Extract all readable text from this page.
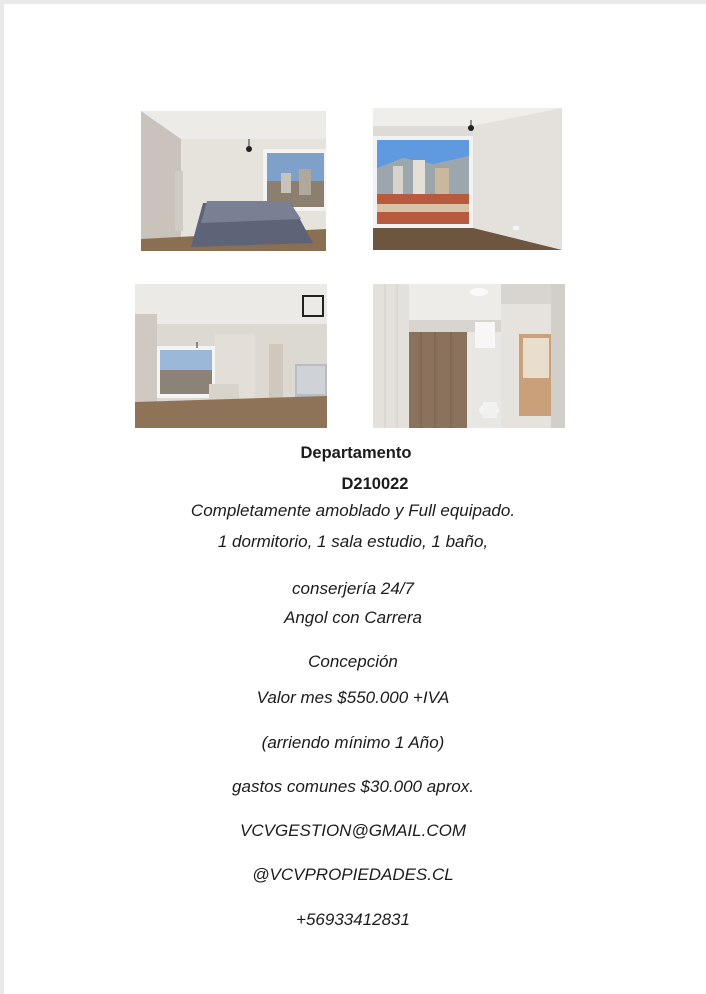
Departamento
D210022
Completamente amoblado y Full equipado.
1 dormitorio, 1 sala estudio, 1 baño,
conserjería 24/7
Angol con Carrera
Concepción
Valor mes $550.000 +IVA
(arriendo mínimo 1 Año)
gastos comunes $30.000 aprox.
VCVGESTION@GMAIL.COM
@VCVPROPIEDADES.CL
+56933412831
